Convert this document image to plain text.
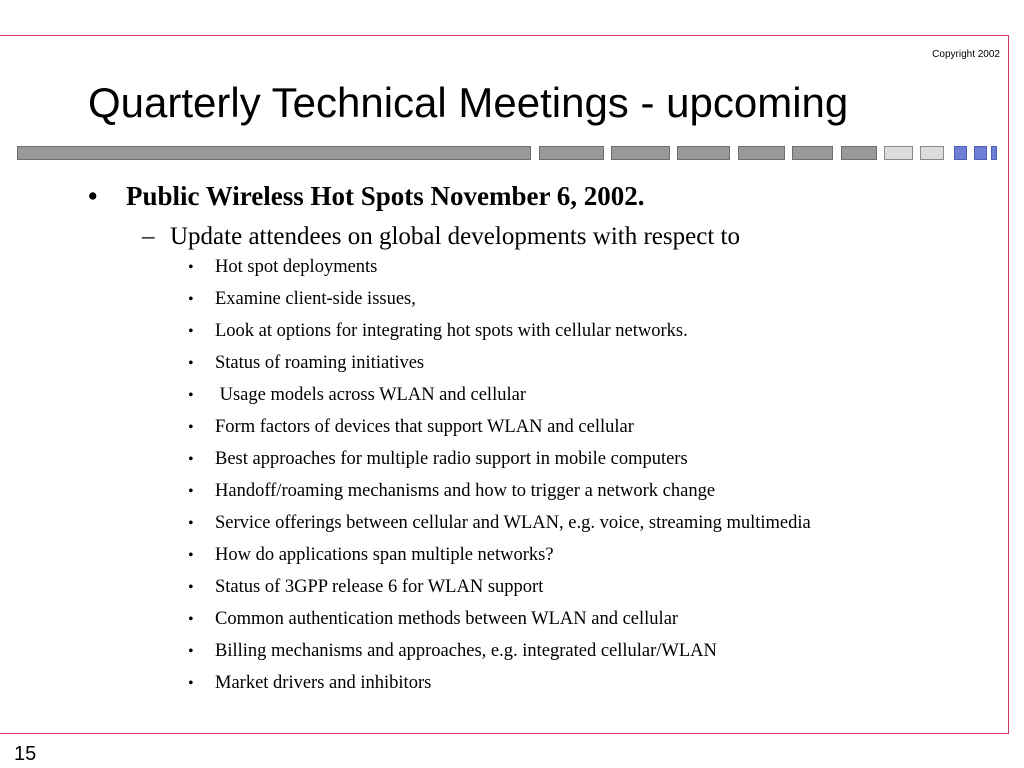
Copyright 2002
Quarterly Technical Meetings - upcoming
• Public Wireless Hot Spots November 6, 2002.
– Update attendees on global developments with respect to
• Hot spot deployments
• Examine client-side issues,
• Look at options for integrating hot spots with cellular networks.
• Status of roaming initiatives
• Usage models across WLAN and cellular
• Form factors of devices that support WLAN and cellular
• Best approaches for multiple radio support in mobile computers
• Handoff/roaming mechanisms and how to trigger a network change
• Service offerings between cellular and WLAN, e.g. voice, streaming multimedia
• How do applications span multiple networks?
• Status of 3GPP release 6 for WLAN support
• Common authentication methods between WLAN and cellular
• Billing mechanisms and approaches, e.g. integrated cellular/WLAN
• Market drivers and inhibitors
15
